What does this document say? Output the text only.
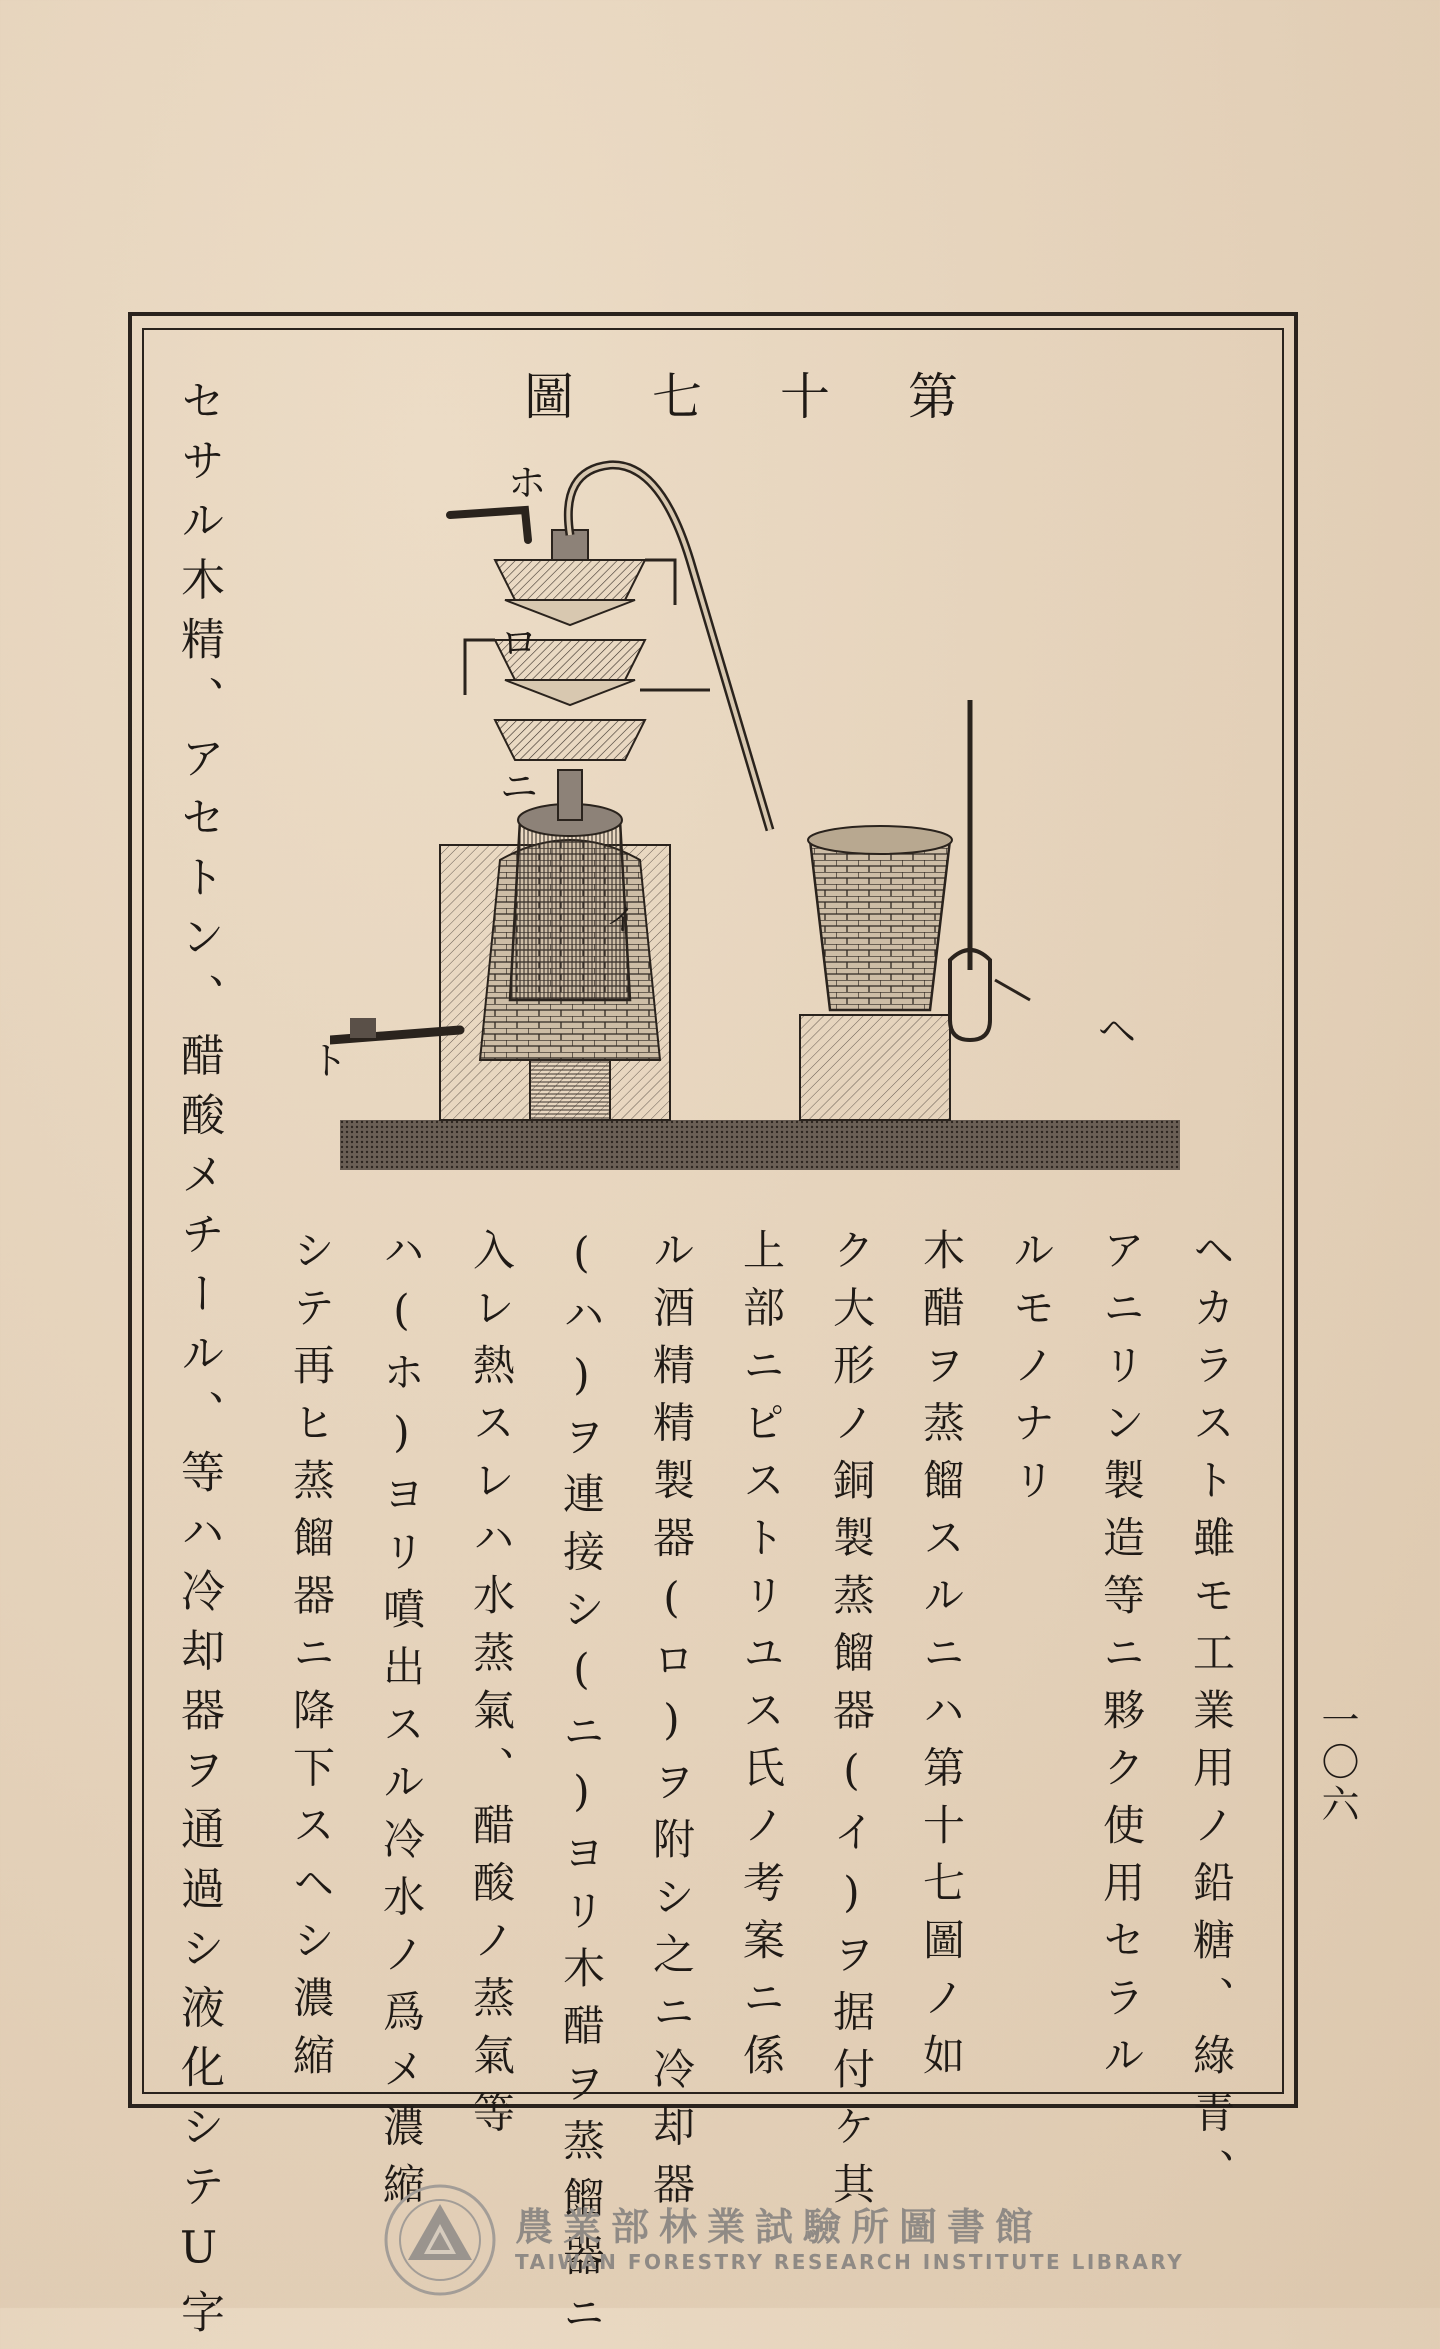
第十七圖
ホ
ロ
ニ
イ
ト
ヘ
ヘカラスト雖モ工業用ノ鉛糖、綠青、
アニリン製造等ニ夥ク使用セラル
ルモノナリ
木醋ヲ蒸餾スルニハ第十七圖ノ如
ク大形ノ銅製蒸餾器(イ)ヲ据付ケ其
上部ニピストリユス氏ノ考案ニ係
ル酒精精製器(ロ)ヲ附シ之ニ冷却器
(ハ)ヲ連接シ(ニ)ヨリ木醋ヲ蒸餾器ニ
入レ熱スレハ水蒸氣、醋酸ノ蒸氣等
ハ(ホ)ヨリ噴出スル冷水ノ爲メ濃縮
シテ再ヒ蒸餾器ニ降下スヘシ濃縮
セサル木精、アセトン、醋酸メチール、等ハ冷却器ヲ通過シ液化シテU字	一〇六
農業部林業試驗所圖書館
TAIWAN FORESTRY RESEARCH INSTITUTE LIBRARY
